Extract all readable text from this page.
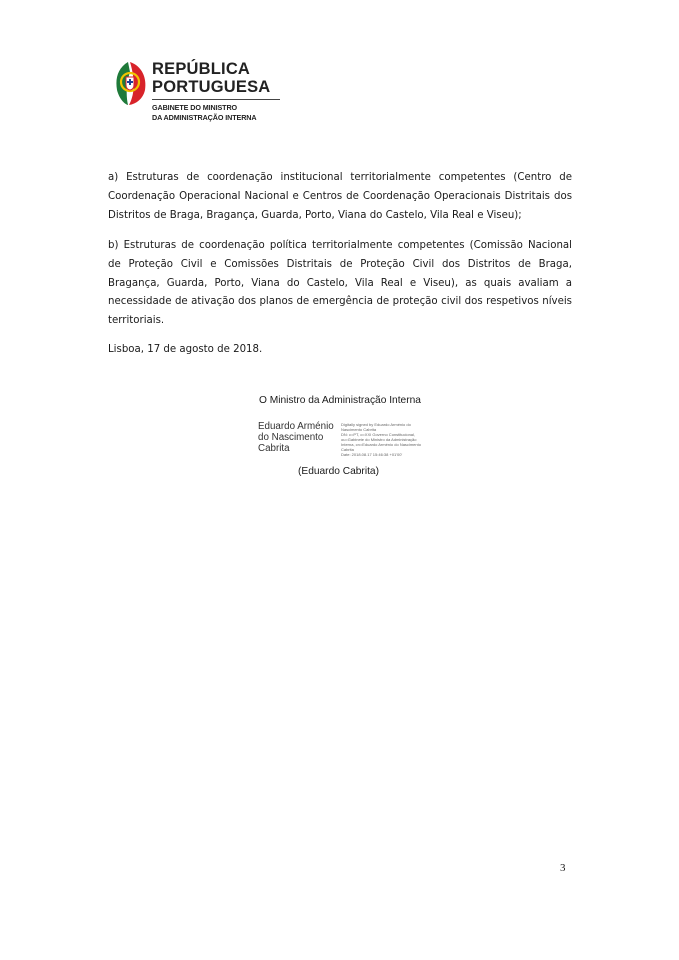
REPÚBLICA
PORTUGUESA
GABINETE DO MINISTRO
DA ADMINISTRAÇÃO INTERNA

a) Estruturas de coordenação institucional territorialmente competentes (Centro de Coordenação Operacional Nacional e Centros de Coordenação Operacionais Distritais dos Distritos de Braga, Bragança, Guarda, Porto, Viana do Castelo, Vila Real e Viseu);

b) Estruturas de coordenação política territorialmente competentes (Comissão Nacional de Proteção Civil e Comissões Distritais de Proteção Civil dos Distritos de Braga, Bragança, Guarda, Porto, Viana do Castelo, Vila Real e Viseu), as quais avaliam a necessidade de ativação dos planos de emergência de proteção civil dos respetivos níveis territoriais.

Lisboa, 17 de agosto de 2018.

O Ministro da Administração Interna

Eduardo Arménio
do Nascimento
Cabrita
Digitally signed by Eduardo Arménio do
Nascimento Cabrita
DN: c=PT, o=XXI Governo Constitucional,
ou=Gabinete do Ministro da Administração
Interna, cn=Eduardo Arménio do Nascimento
Cabrita
Date: 2018.08.17 15:46:38 +01'00'

(Eduardo Cabrita)

3
